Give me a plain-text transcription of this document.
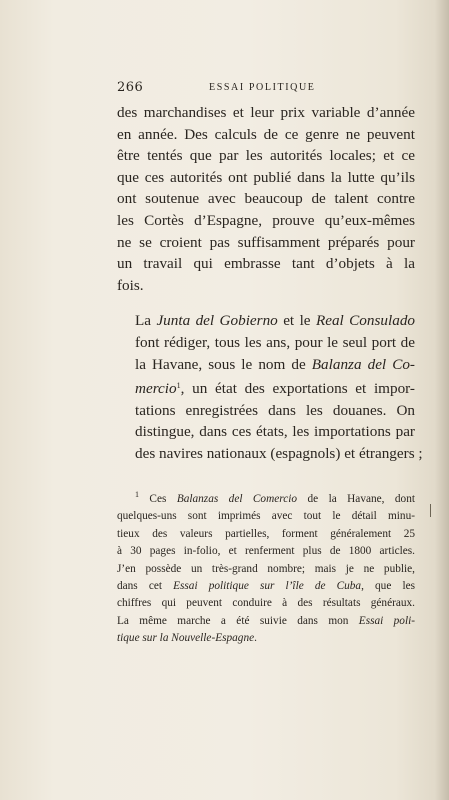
266	ESSAI POLITIQUE

des marchandises et leur prix variable d’année
en année. Des calculs de ce genre ne peuvent
être tentés que par les autorités locales; et ce
que ces autorités ont publié dans la lutte qu’ils
ont soutenue avec beaucoup de talent contre
les Cortès d’Espagne, prouve qu’eux-mêmes
ne se croient pas suffisamment préparés pour
un travail qui embrasse tant d’objets à la
fois.

La Junta del Gobierno et le Real Consulado
font rédiger, tous les ans, pour le seul port de
la Havane, sous le nom de Balanza del Co-
mercio$^1$, un état des exportations et impor-
tations enregistrées dans les douanes. On
distingue, dans ces états, les importations par
des navires nationaux (espagnols) et étrangers ;

$^1$ Ces Balanzas del Comercio de la Havane, dont
quelques-uns sont imprimés avec tout le détail minu-
tieux des valeurs partielles, forment généralement 25
à 30 pages in-folio, et renferment plus de 1800 articles.
J’en possède un très-grand nombre; mais je ne publie,
dans cet Essai politique sur l’île de Cuba, que les
chiffres qui peuvent conduire à des résultats généraux.
La même marche a été suivie dans mon Essai poli-
tique sur la Nouvelle-Espagne.
